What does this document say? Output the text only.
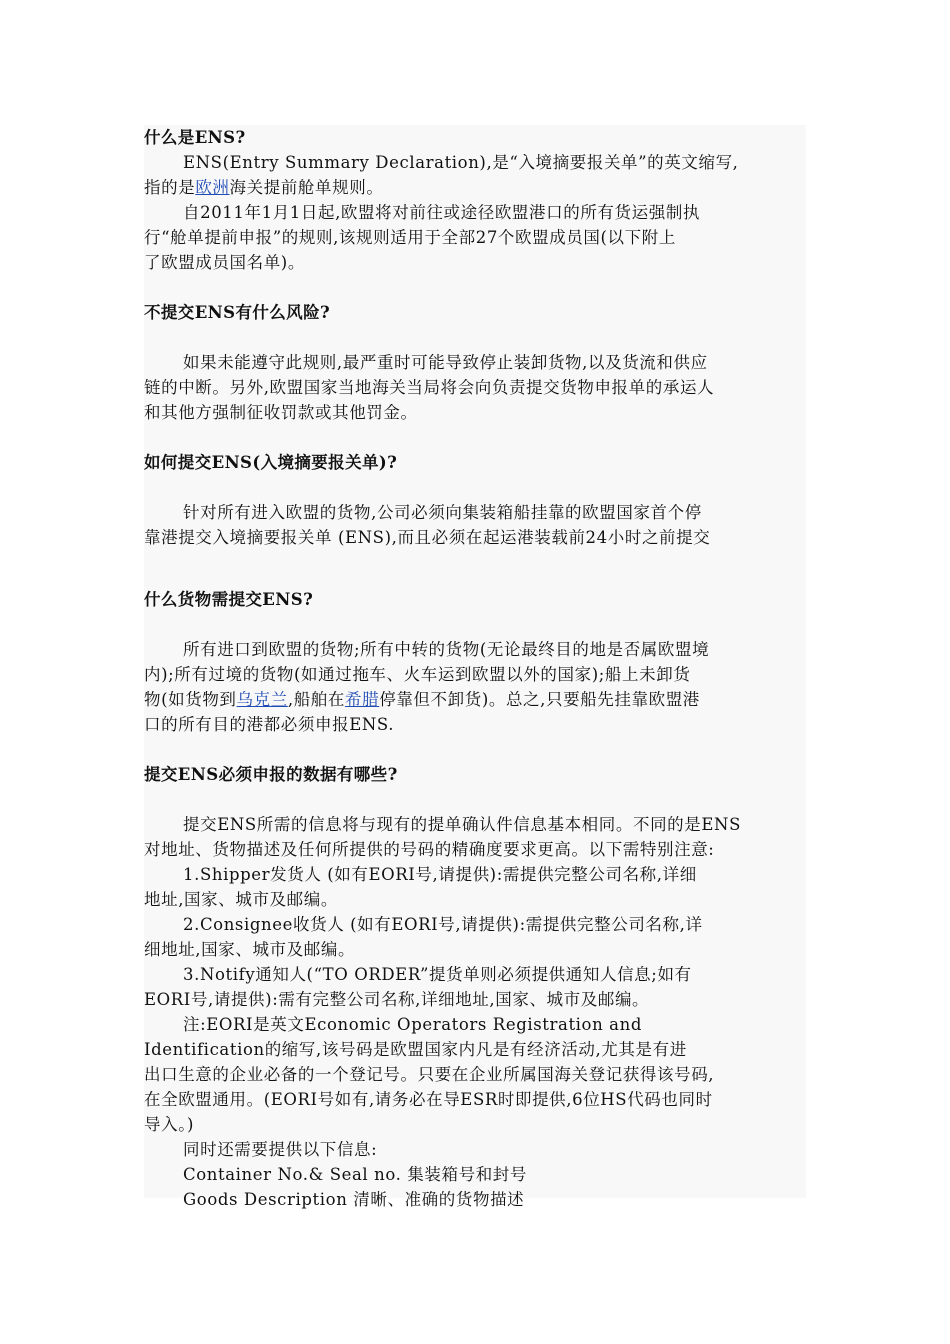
什么是ENS?
ENS(Entry Summary Declaration),是“入境摘要报关单”的英文缩写,
指的是欧洲海关提前舱单规则。
自2011年1月1日起,欧盟将对前往或途径欧盟港口的所有货运强制执
行“舱单提前申报”的规则,该规则适用于全部27个欧盟成员国(以下附上
了欧盟成员国名单)。
不提交ENS有什么风险?
如果未能遵守此规则,最严重时可能导致停止装卸货物,以及货流和供应
链的中断。另外,欧盟国家当地海关当局将会向负责提交货物申报单的承运人
和其他方强制征收罚款或其他罚金。
如何提交ENS(入境摘要报关单)?
针对所有进入欧盟的货物,公司必须向集装箱船挂靠的欧盟国家首个停
靠港提交入境摘要报关单 (ENS),而且必须在起运港装载前24小时之前提交
什么货物需提交ENS?
所有进口到欧盟的货物;所有中转的货物(无论最终目的地是否属欧盟境
内);所有过境的货物(如通过拖车、火车运到欧盟以外的国家);船上未卸货
物(如货物到乌克兰,船舶在希腊停靠但不卸货)。总之,只要船先挂靠欧盟港
口的所有目的港都必须申报ENS.
提交ENS必须申报的数据有哪些?
提交ENS所需的信息将与现有的提单确认件信息基本相同。不同的是ENS
对地址、货物描述及任何所提供的号码的精确度要求更高。以下需特别注意:
1.Shipper发货人 (如有EORI号,请提供):需提供完整公司名称,详细
地址,国家、城市及邮编。
2.Consignee收货人 (如有EORI号,请提供):需提供完整公司名称,详
细地址,国家、城市及邮编。
3.Notify通知人(“TO ORDER”提货单则必须提供通知人信息;如有
EORI号,请提供):需有完整公司名称,详细地址,国家、城市及邮编。
注:EORI是英文Economic Operators Registration and
Identification的缩写,该号码是欧盟国家内凡是有经济活动,尤其是有进
出口生意的企业必备的一个登记号。只要在企业所属国海关登记获得该号码,
在全欧盟通用。(EORI号如有,请务必在导ESR时即提供,6位HS代码也同时
导入。)
同时还需要提供以下信息:
Container No.& Seal no. 集装箱号和封号
Goods Description 清晰、准确的货物描述
